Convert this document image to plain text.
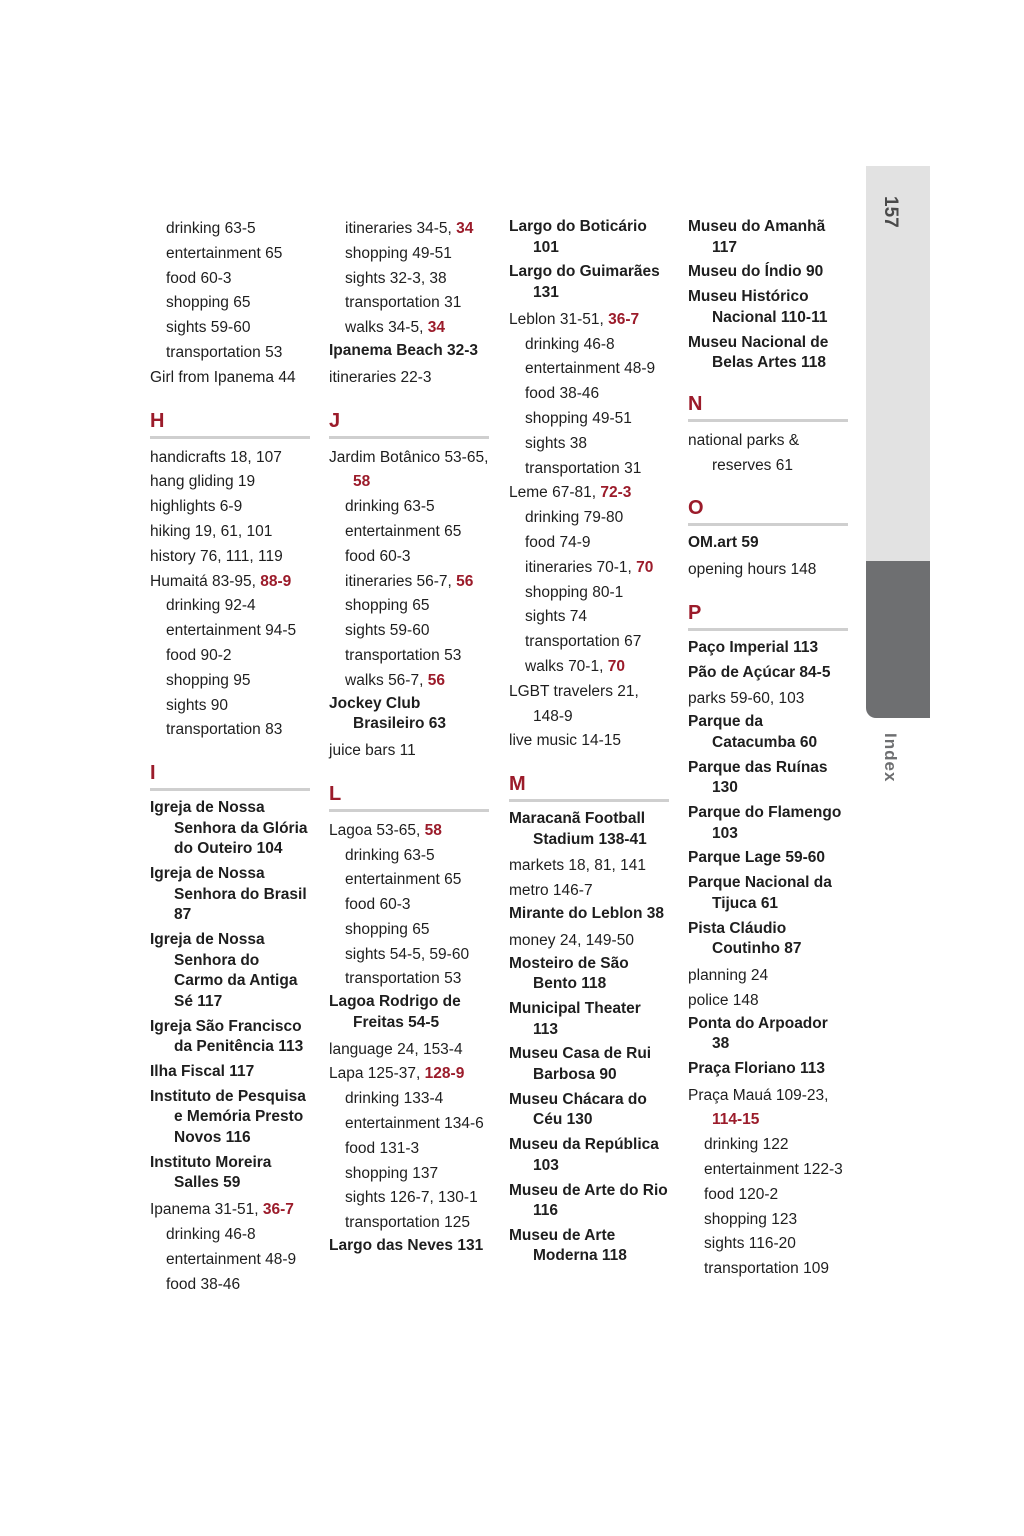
157
Index
drinking 63-5
entertainment 65
food 60-3
shopping 65
sights 59-60
transportation 53
Girl from Ipanema 44
H
handicrafts 18, 107
hang gliding 19
highlights 6-9
hiking 19, 61, 101
history 76, 111, 119
Humaitá 83-95, 88-9
drinking 92-4
entertainment 94-5
food 90-2
shopping 95
sights 90
transportation 83
I
Igreja de Nossa Senhora da Glória do Outeiro 104
Igreja de Nossa Senhora do Brasil 87
Igreja de Nossa Senhora do Carmo da Antiga Sé 117
Igreja São Francisco da Penitência 113
Ilha Fiscal 117
Instituto de Pesquisa e Memória Presto Novos 116
Instituto Moreira Salles 59
Ipanema 31-51, 36-7
drinking 46-8
entertainment 48-9
food 38-46
itineraries 34-5, 34
shopping 49-51
sights 32-3, 38
transportation 31
walks 34-5, 34
Ipanema Beach 32-3
itineraries 22-3
J
Jardim Botânico 53-65, 58
drinking 63-5
entertainment 65
food 60-3
itineraries 56-7, 56
shopping 65
sights 59-60
transportation 53
walks 56-7, 56
Jockey Club Brasileiro 63
juice bars 11
L
Lagoa 53-65, 58
drinking 63-5
entertainment 65
food 60-3
shopping 65
sights 54-5, 59-60
transportation 53
Lagoa Rodrigo de Freitas 54-5
language 24, 153-4
Lapa 125-37, 128-9
drinking 133-4
entertainment 134-6
food 131-3
shopping 137
sights 126-7, 130-1
transportation 125
Largo das Neves 131
Largo do Boticário 101
Largo do Guimarães 131
Leblon 31-51, 36-7
drinking 46-8
entertainment 48-9
food 38-46
shopping 49-51
sights 38
transportation 31
Leme 67-81, 72-3
drinking 79-80
food 74-9
itineraries 70-1, 70
shopping 80-1
sights 74
transportation 67
walks 70-1, 70
LGBT travelers 21, 148-9
live music 14-15
M
Maracanã Football Stadium 138-41
markets 18, 81, 141
metro 146-7
Mirante do Leblon 38
money 24, 149-50
Mosteiro de São Bento 118
Municipal Theater 113
Museu Casa de Rui Barbosa 90
Museu Chácara do Céu 130
Museu da República 103
Museu de Arte do Rio 116
Museu de Arte Moderna 118
Museu do Amanhã 117
Museu do Índio 90
Museu Histórico Nacional 110-11
Museu Nacional de Belas Artes 118
N
national parks & reserves 61
O
OM.art 59
opening hours 148
P
Paço Imperial 113
Pão de Açúcar 84-5
parks 59-60, 103
Parque da Catacumba 60
Parque das Ruínas 130
Parque do Flamengo 103
Parque Lage 59-60
Parque Nacional da Tijuca 61
Pista Cláudio Coutinho 87
planning 24
police 148
Ponta do Arpoador 38
Praça Floriano 113
Praça Mauá 109-23, 114-15
drinking 122
entertainment 122-3
food 120-2
shopping 123
sights 116-20
transportation 109
